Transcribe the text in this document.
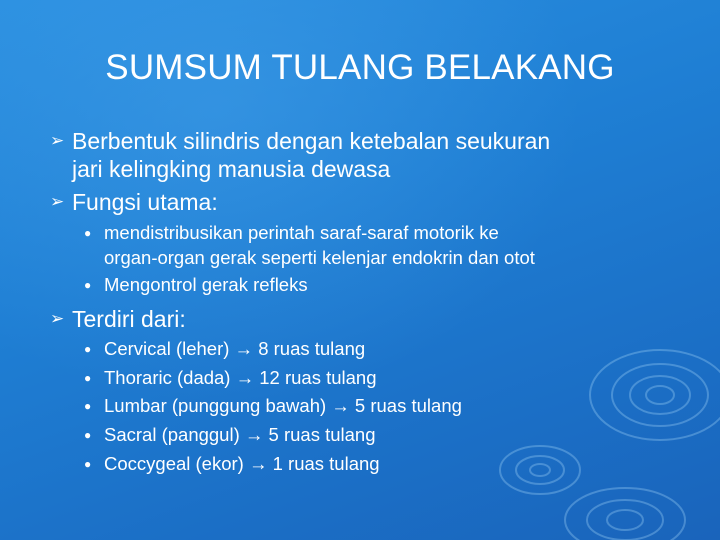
SUMSUM TULANG BELAKANG
➢ Berbentuk silindris dengan ketebalan seukuran
jari kelingking manusia dewasa
➢ Fungsi utama:
● mendistribusikan perintah saraf-saraf motorik ke
organ-organ gerak seperti kelenjar endokrin dan otot
● Mengontrol gerak refleks
➢ Terdiri dari:
● Cervical (leher) → 8 ruas tulang
● Thoraric (dada) → 12 ruas tulang
● Lumbar (punggung bawah) → 5 ruas tulang
● Sacral (panggul) → 5 ruas tulang
● Coccygeal (ekor) → 1 ruas tulang
